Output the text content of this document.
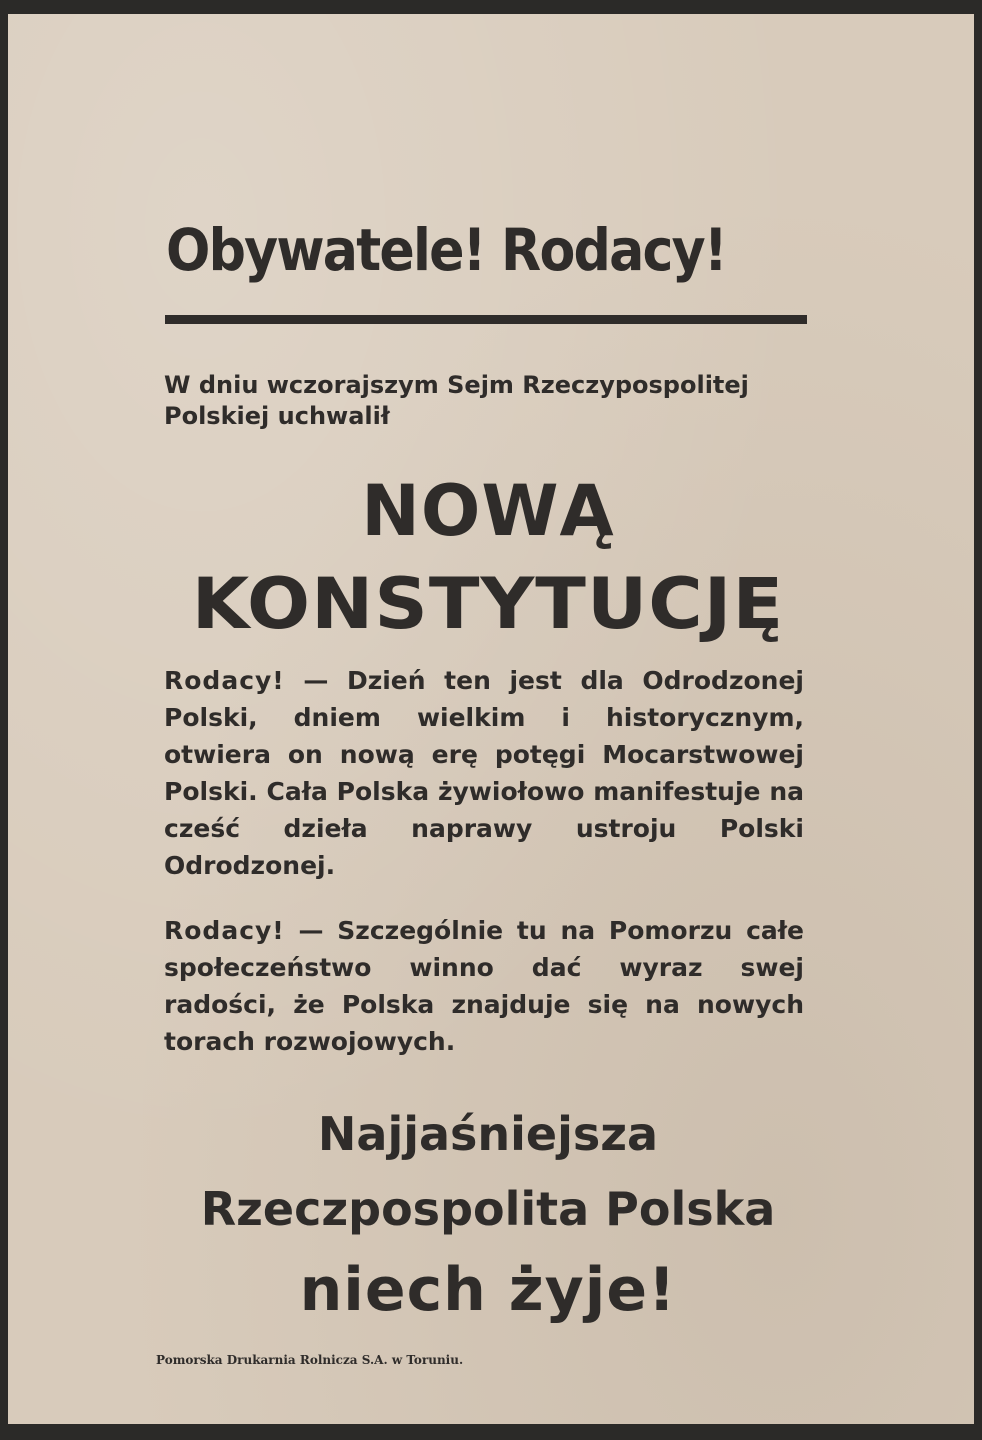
Obywatele! Rodacy!
W dniu wczorajszym Sejm Rzeczypospolitej Polskiej uchwalił
NOWĄ
KONSTYTUCJĘ
Rodacy! — Dzień ten jest dla Odrodzonej Polski, dniem wielkim i historycznym, otwiera on nową erę potęgi Mocarstwowej Polski. Cała Polska żywiołowo manifestuje na cześć dzieła naprawy ustroju Polski Odrodzonej.
Rodacy! — Szczególnie tu na Pomorzu całe społeczeństwo winno dać wyraz swej radości, że Polska znajduje się na nowych torach rozwojowych.
Najjaśniejsza
Rzeczpospolita Polska
niech żyje!
Pomorska Drukarnia Rolnicza S.A. w Toruniu.
